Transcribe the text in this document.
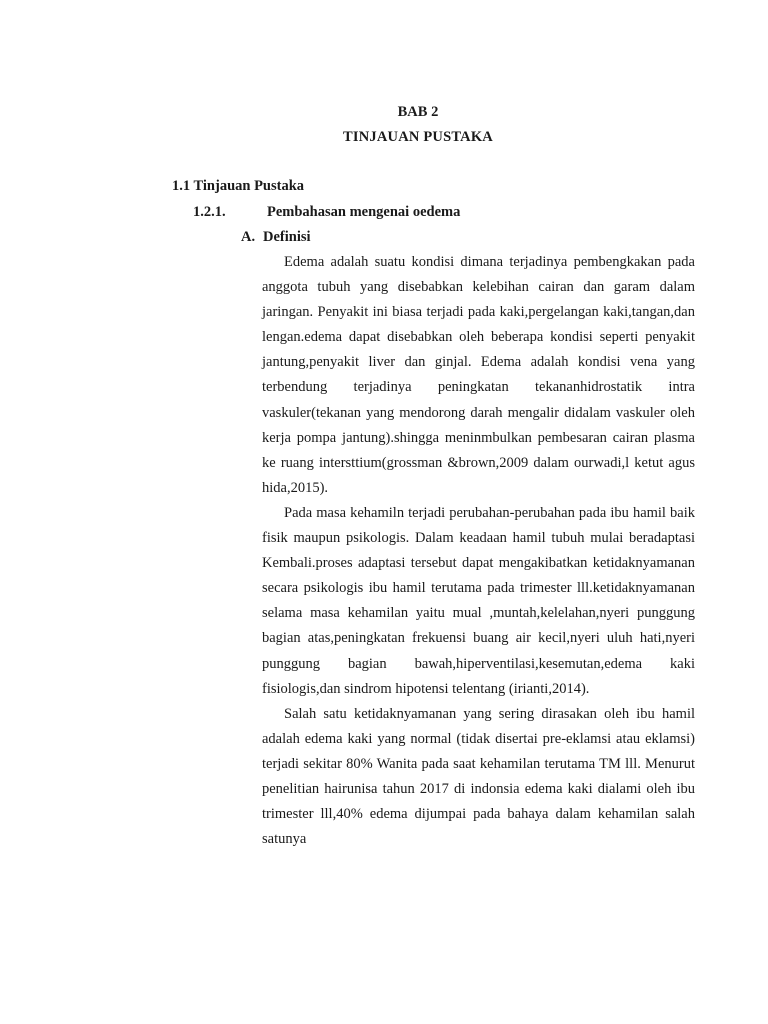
BAB 2
TINJAUAN PUSTAKA
1.1 Tinjauan Pustaka
1.2.1.	Pembahasan mengenai oedema
A. Definisi

Edema adalah suatu kondisi dimana terjadinya pembengkakan pada anggota tubuh yang disebabkan kelebihan cairan dan garam dalam jaringan. Penyakit ini biasa terjadi pada kaki,pergelangan kaki,tangan,dan lengan.edema dapat disebabkan oleh beberapa kondisi seperti penyakit jantung,penyakit liver dan ginjal. Edema adalah kondisi vena yang terbendung terjadinya peningkatan tekananhidrostatik intra vaskuler(tekanan yang mendorong darah mengalir didalam vaskuler oleh kerja pompa jantung).shingga meninmbulkan pembesaran cairan plasma ke ruang intersttium(grossman &brown,2009 dalam ourwadi,l ketut agus hida,2015).

Pada masa kehamiln terjadi perubahan-perubahan pada ibu hamil baik fisik maupun psikologis. Dalam keadaan hamil tubuh mulai beradaptasi Kembali.proses adaptasi tersebut dapat mengakibatkan ketidaknyamanan secara psikologis ibu hamil terutama pada trimester lll.ketidaknyamanan selama masa kehamilan yaitu mual ,muntah,kelelahan,nyeri punggung bagian atas,peningkatan frekuensi buang air kecil,nyeri uluh hati,nyeri punggung bagian bawah,hiperventilasi,kesemutan,edema kaki fisiologis,dan sindrom hipotensi telentang (irianti,2014).

Salah satu ketidaknyamanan yang sering dirasakan oleh ibu hamil adalah edema kaki yang normal (tidak disertai pre-eklamsi atau eklamsi) terjadi sekitar 80% Wanita pada saat kehamilan terutama TM lll. Menurut penelitian hairunisa tahun 2017 di indonsia edema kaki dialami oleh ibu trimester lll,40% edema dijumpai pada bahaya dalam kehamilan salah satunya
